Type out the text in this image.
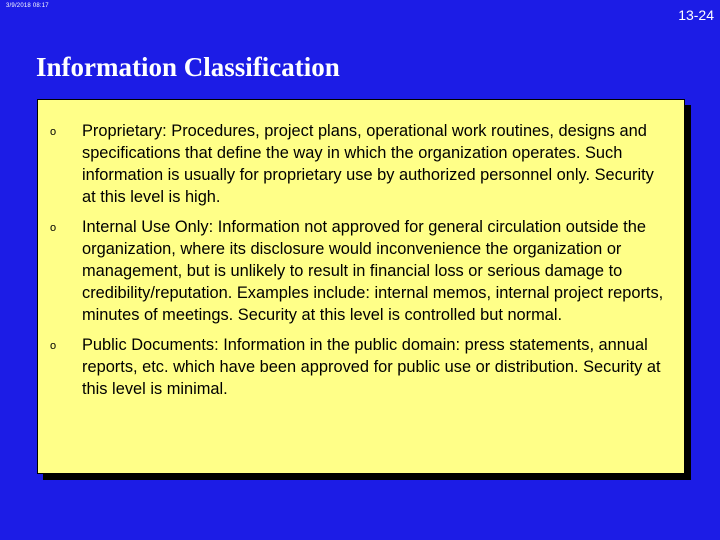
3/9/2018 08:17
13-24
Information Classification
o Proprietary: Procedures, project plans, operational work routines, designs and specifications that define the way in which the organization operates. Such information is usually for proprietary use by authorized personnel only. Security at this level is high.
o Internal Use Only: Information not approved for general circulation outside the organization, where its disclosure would inconvenience the organization or management, but is unlikely to result in financial loss or serious damage to credibility/reputation. Examples include: internal memos, internal project reports, minutes of meetings. Security at this level is controlled but normal.
o Public Documents: Information in the public domain: press statements, annual reports, etc. which have been approved for public use or distribution. Security at this level is minimal.
